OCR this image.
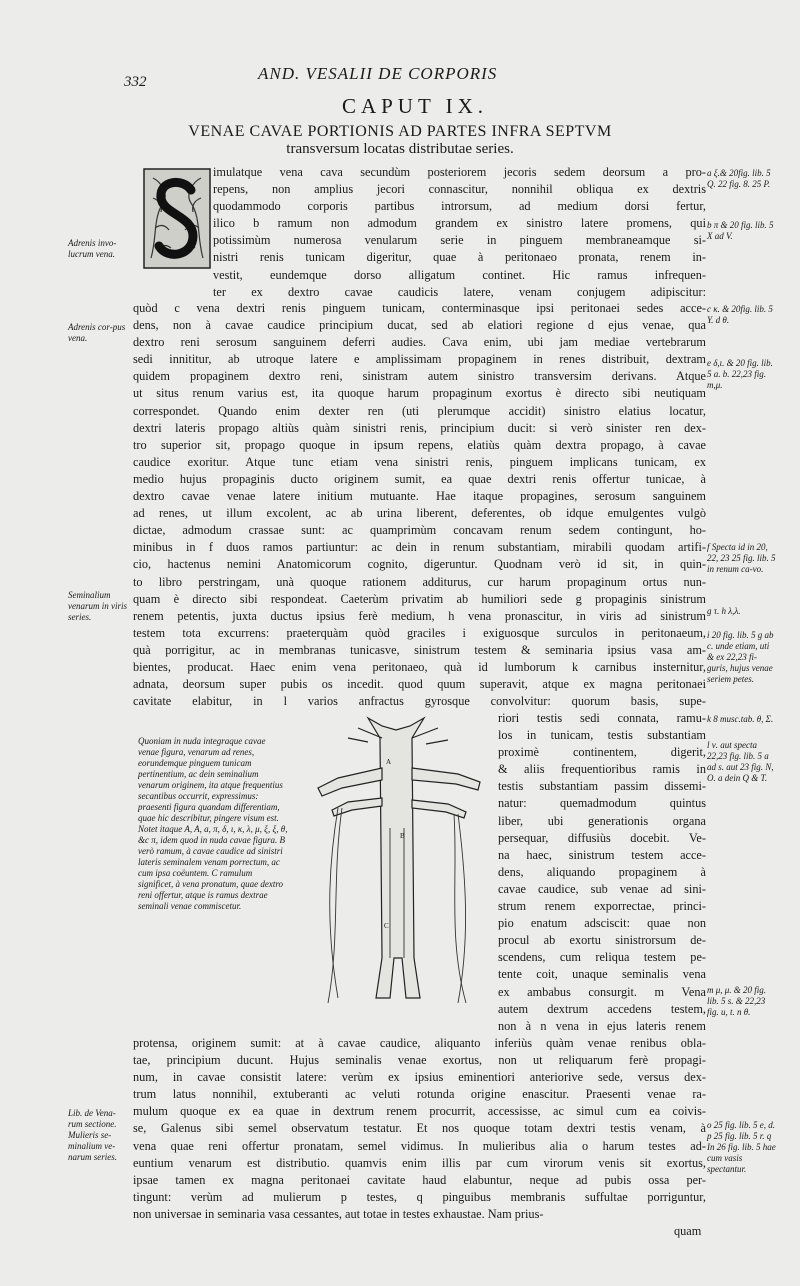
332	AND. VESALII DE CORPORIS
CAPUT IX.
VENAE CAVAE PORTIONIS AD PARTES INFRA SEPTVM
transversum locatas distributae series.
imulatque vena cava secundùm posteriorem jecoris sedem deorsum a pro-
repens, non amplius jecori connascitur, nonnihil obliqua ex dextris
quodammodo corporis partibus introrsum, ad medium dorsi fertur,
ilico b ramum non admodum grandem ex sinistro latere promens, qui
potissimùm numerosa venularum serie in pinguem membraneamque si-
nistri renis tunicam digeritur, quae à peritonaeo pronata, renem in-
vestit, eundemque dorso alligatum continet. Hic ramus infrequen-
ter ex dextro cavae caudicis latere, venam conjugem adipiscitur:
quòd c vena dextri renis pinguem tunicam, conterminasque ipsi peritonaei sedes acce-
dens, non à cavae caudice principium ducat, sed ab elatiori regione d ejus venae, qua
dextro reni serosum sanguinem deferri audies. Cava enim, ubi jam mediae vertebrarum
sedi innititur, ab utroque latere e amplissimam propaginem in renes distribuit, dextram
quidem propaginem dextro reni, sinistram autem sinistro transversim derivans. Atque
ut situs renum varius est, ita quoque harum propaginum exortus è directo sibi neutiquam
correspondet. Quando enim dexter ren (uti plerumque accidit) sinistro elatius locatur,
dextri lateris propago altiùs quàm sinistri renis, principium ducit: si verò sinister ren dex-
tro superior sit, propago quoque in ipsum repens, elatiùs quàm dextra propago, à cavae
caudice exoritur. Atque tunc etiam vena sinistri renis, pinguem implicans tunicam, ex
medio hujus propaginis ducto originem sumit, ea quae dextri renis offertur tunicae, à
dextro cavae venae latere initium mutuante. Hae itaque propagines, serosum sanguinem
ad renes, ut illum excolent, ac ab urina liberent, deferentes, ob idque emulgentes vulgò
dictae, admodum crassae sunt: ac quamprimùm concavam renum sedem contingunt, ho-
minibus in f duos ramos partiuntur: ac dein in renum substantiam, mirabili quodam artifi-
cio, hactenus nemini Anatomicorum cognito, digeruntur. Quodnam verò id sit, in quin-
to libro perstringam, unà quoque rationem additurus, cur harum propaginum ortus nun-
quam è directo sibi respondeat. Caeterùm privatim ab humiliori sede g propaginis sinistrum
renem petentis, juxta ductus ipsius ferè medium, h vena pronascitur, in viris ad sinistrum
testem tota excurrens: praeterquàm quòd graciles i exiguosque surculos in peritonaeum,
quà porrigitur, ac in membranas tunicasve, sinistrum testem & seminaria ipsius vasa am-
bientes, producat. Haec enim vena peritonaeo, quà id lumborum k carnibus insternitur,
adnata, deorsum super pubis os incedit. quod quum superavit, atque ex magna peritonaei
cavitate elabitur, in l varios anfractus gyrosque convolvitur: quorum basis, supe-
A
B
C
Quoniam in nuda integraque cavae venae figura, venarum ad renes, eorundemque pinguem tunicam pertinentium, ac dein seminalium venarum originem, ita atque frequentius secantibus occurrit, expressimus: praesenti figura quandam differentiam, quae hic describitur, pingere visum est. Notet itaque A, A, a, π, δ, ι, κ, λ, μ, ξ, ξ, θ, &c π, idem quod in nuda cavae figura. B verò ramum, à cavae caudice ad sinistri lateris seminalem venam porrectum, ac cum ipsa coëuntem. C ramulum significet, à vena pronatum, quae dextro reni offertur, atque is ramus dextrae seminali venae commiscetur.
riori testis sedi connata, ramu-
los in tunicam, testis substantiam
proximè continentem, digerit,
& aliis frequentioribus ramis in
testis substantiam passim dissemi-
natur: quemadmodum quintus
liber, ubi generationis organa
persequar, diffusiùs docebit. Ve-
na haec, sinistrum testem acce-
dens, aliquando propaginem à
cavae caudice, sub venae ad sini-
strum renem exporrectae, princi-
pio enatum adsciscit: quae non
procul ab exortu sinistrorsum de-
scendens, cum reliqua testem pe-
tente coit, unaque seminalis vena
ex ambabus consurgit. m Vena
autem dextrum accedens testem,
non à n vena in ejus lateris renem
protensa, originem sumit: at à cavae caudice, aliquanto inferiùs quàm venae renibus obla-
tae, principium ducunt. Hujus seminalis venae exortus, non ut reliquarum ferè propagi-
num, in cavae consistit latere: verùm ex ipsius eminentiori anteriorive sede, versus dex-
trum latus nonnihil, extuberanti ac veluti rotunda origine enascitur. Praesenti venae ra-
mulum quoque ex ea quae in dextrum renem procurrit, accessisse, ac simul cum ea coivis-
se, Galenus sibi semel observatum testatur. Et nos quoque totam dextri testis venam, à
vena quae reni offertur pronatam, semel vidimus. In mulieribus alia o harum testes ad-
euntium venarum est distributio. quamvis enim illis par cum virorum venis sit exortus,
ipsae tamen ex magna peritonaei cavitate haud elabuntur, neque ad pubis ossa per-
tingunt: verùm ad mulierum p testes, q pinguibus membranis suffultae porriguntur,
non universae in seminaria vasa cessantes, aut totae in testes exhaustae. Nam prius-
quam
Adrenis invo-lucrum vena.
Adrenis cor-pus vena.
Seminalium venarum in viris series.
Lib. de Vena-rum sectione. Mulieris se-minalium ve-narum series.
a ξ.& 20fig. lib. 5 Q. 22 fig. 8. 25 P.
b π & 20 fig. lib. 5 X ad V.
c κ. & 20fig. lib. 5 Y. d θ.
e δ,ι. & 20 fig. lib. 5 a. b. 22,23 fig. m,μ.
f Specta id in 20, 22, 23 25 fig. lib. 5 in renum ca-vo.
g τ. h λ,λ.
i 20 fig. lib. 5 g ab c. unde etiam, uti & ex 22,23 fi-guris, hujus venae seriem petes.
k 8 musc.tab. θ, Σ.
l ν. aut specta 22,23 fig. lib. 5 a ad s. aut 23 fig. N, O. a dein Q & T.
m μ, μ. & 20 fig. lib. 5 s. & 22,23 fig. u, t. n θ.
o 25 fig. lib. 5 e, d. p 25 fig. lib. 5 r. q In 26 fig. lib. 5 hae cum vasis spectantur.
